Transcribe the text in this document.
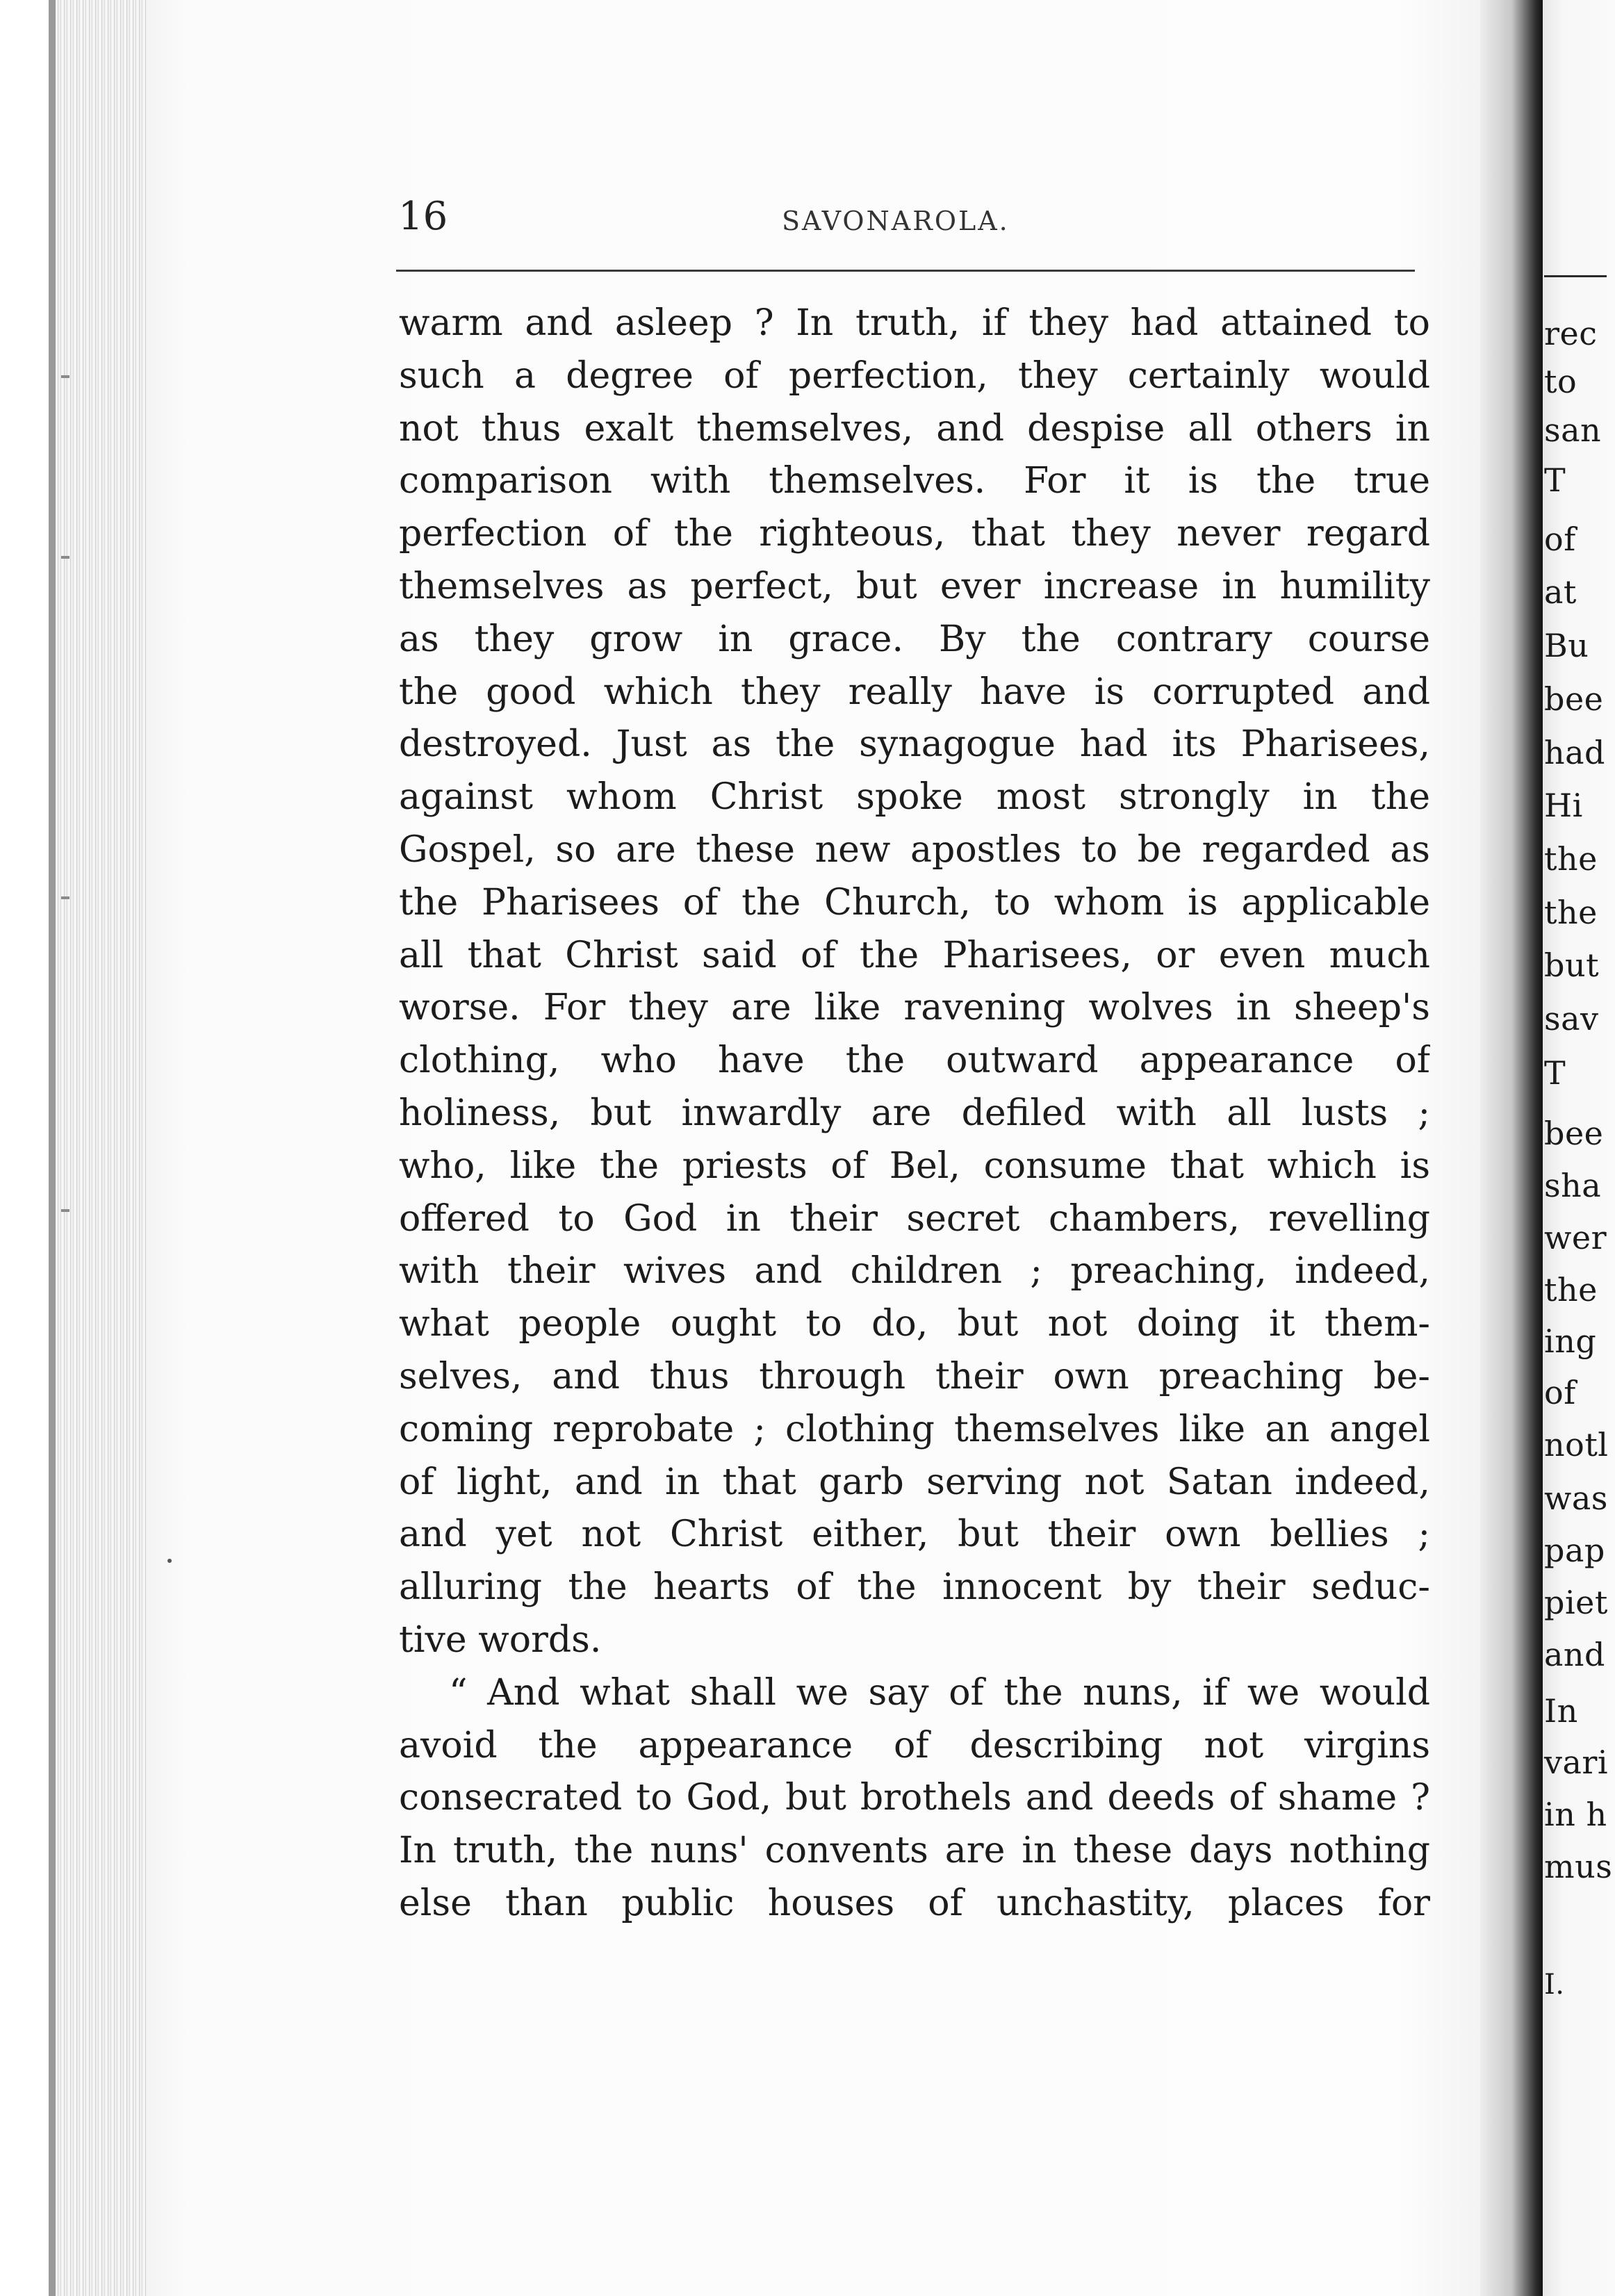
16	SAVONAROLA.
warm and asleep ? In truth, if they had attained to
such a degree of perfection, they certainly would
not thus exalt themselves, and despise all others in
comparison with themselves. For it is the true
perfection of the righteous, that they never regard
themselves as perfect, but ever increase in humility
as they grow in grace. By the contrary course
the good which they really have is corrupted and
destroyed. Just as the synagogue had its Pharisees,
against whom Christ spoke most strongly in the
Gospel, so are these new apostles to be regarded as
the Pharisees of the Church, to whom is applicable
all that Christ said of the Pharisees, or even much
worse. For they are like ravening wolves in sheep's
clothing, who have the outward appearance of
holiness, but inwardly are defiled with all lusts ;
who, like the priests of Bel, consume that which is
offered to God in their secret chambers, revelling
with their wives and children ; preaching, indeed,
what people ought to do, but not doing it them-
selves, and thus through their own preaching be-
coming reprobate ; clothing themselves like an angel
of light, and in that garb serving not Satan indeed,
and yet not Christ either, but their own bellies ;
alluring the hearts of the innocent by their seduc-
tive words.
“ And what shall we say of the nuns, if we would
avoid the appearance of describing not virgins
consecrated to God, but brothels and deeds of shame ?
In truth, the nuns' convents are in these days nothing
else than public houses of unchastity, places for
rec
to
san
T
of
at
Bu
bee
had
Hi
the
the
but
sav
T
bee
sha
wer
the
ing
of
notl
was
pap
piet
and
In
vari
in h
mus
I.
